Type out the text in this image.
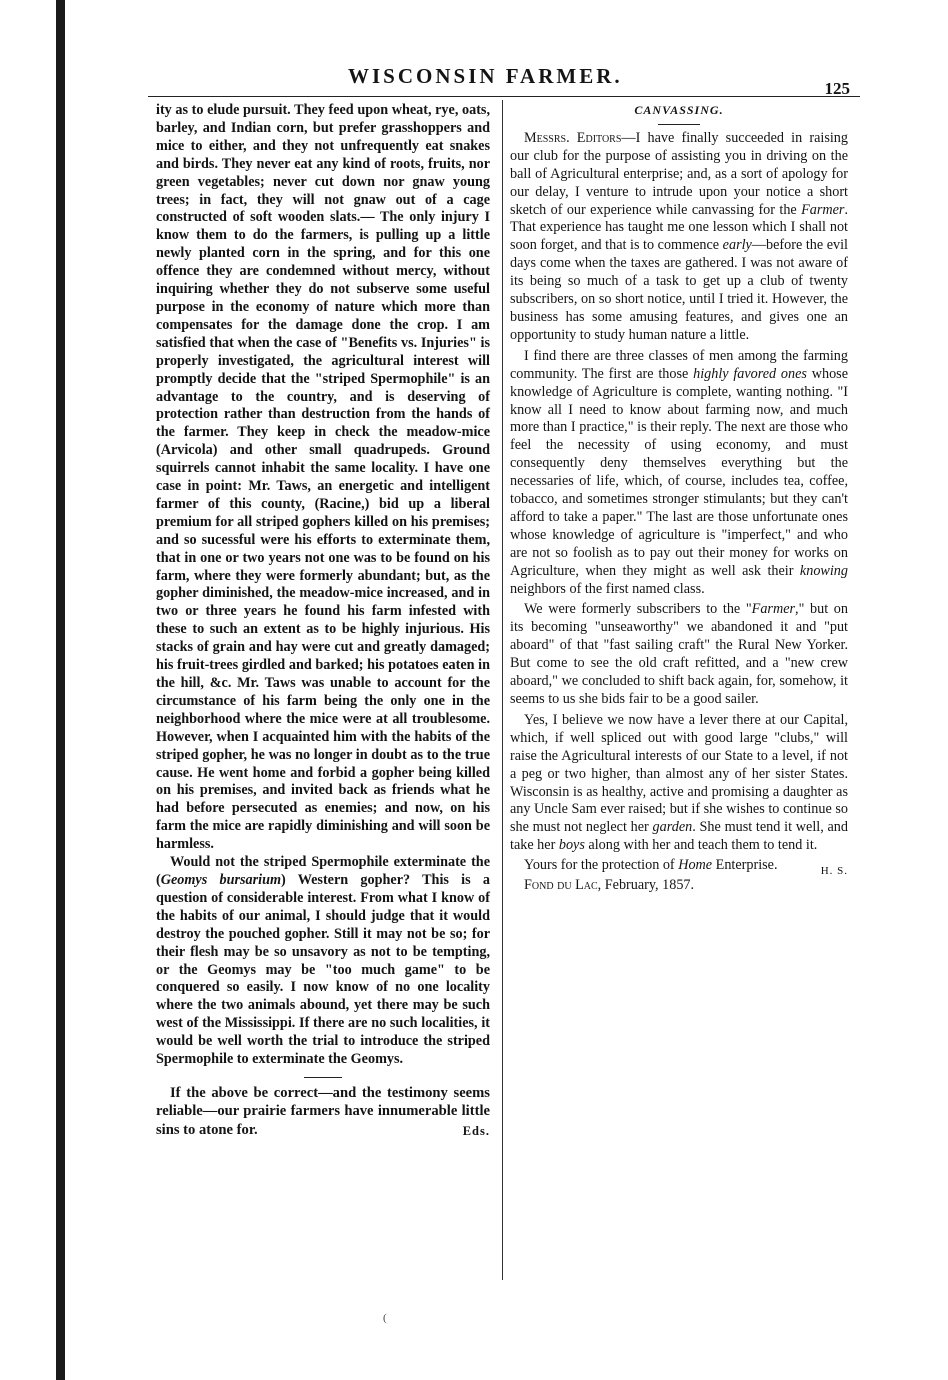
WISCONSIN FARMER.
125

ity as to elude pursuit. They feed upon wheat, rye, oats, barley, and Indian corn, but prefer grasshoppers and mice to either, and they not unfrequently eat snakes and birds. They never eat any kind of roots, fruits, nor green vegetables; never cut down nor gnaw young trees; in fact, they will not gnaw out of a cage constructed of soft wooden slats.— The only injury I know them to do the farmers, is pulling up a little newly planted corn in the spring, and for this one offence they are condemned without mercy, without inquiring whether they do not subserve some useful purpose in the economy of nature which more than compensates for the damage done the crop. I am satisfied that when the case of "Benefits vs. Injuries" is properly investigated, the agricultural interest will promptly decide that the "striped Spermophile" is an advantage to the country, and is deserving of protection rather than destruction from the hands of the farmer. They keep in check the meadow-mice (Arvicola) and other small quadrupeds. Ground squirrels cannot inhabit the same locality. I have one case in point: Mr. Taws, an energetic and intelligent farmer of this county, (Racine,) bid up a liberal premium for all striped gophers killed on his premises; and so sucessful were his efforts to exterminate them, that in one or two years not one was to be found on his farm, where they were formerly abundant; but, as the gopher diminished, the meadow-mice increased, and in two or three years he found his farm infested with these to such an extent as to be highly injurious. His stacks of grain and hay were cut and greatly damaged; his fruit-trees girdled and barked; his potatoes eaten in the hill, &c. Mr. Taws was unable to account for the circumstance of his farm being the only one in the neighborhood where the mice were at all troublesome. However, when I acquainted him with the habits of the striped gopher, he was no longer in doubt as to the true cause. He went home and forbid a gopher being killed on his premises, and invited back as friends what he had before persecuted as enemies; and now, on his farm the mice are rapidly diminishing and will soon be harmless.

Would not the striped Spermophile exterminate the (Geomys bursarium) Western gopher? This is a question of considerable interest. From what I know of the habits of our animal, I should judge that it would destroy the pouched gopher. Still it may not be so; for their flesh may be so unsavory as not to be tempting, or the Geomys may be "too much game" to be conquered so easily. I now know of no one locality where the two animals abound, yet there may be such west of the Mississippi. If there are no such localities, it would be well worth the trial to introduce the striped Spermophile to exterminate the Geomys.

If the above be correct—and the testimony seems reliable—our prairie farmers have innumerable little sins to atone for.	Eds.

CANVASSING.

Messrs. Editors—I have finally succeeded in raising our club for the purpose of assisting you in driving on the ball of Agricultural enterprise; and, as a sort of apology for our delay, I venture to intrude upon your notice a short sketch of our experience while canvassing for the Farmer. That experience has taught me one lesson which I shall not soon forget, and that is to commence early—before the evil days come when the taxes are gathered. I was not aware of its being so much of a task to get up a club of twenty subscribers, on so short notice, until I tried it. However, the business has some amusing features, and gives one an opportunity to study human nature a little.

I find there are three classes of men among the farming community. The first are those highly favored ones whose knowledge of Agriculture is complete, wanting nothing. "I know all I need to know about farming now, and much more than I practice," is their reply. The next are those who feel the necessity of using economy, and must consequently deny themselves everything but the necessaries of life, which, of course, includes tea, coffee, tobacco, and sometimes stronger stimulants; but they can't afford to take a paper." The last are those unfortunate ones whose knowledge of agriculture is "imperfect," and who are not so foolish as to pay out their money for works on Agriculture, when they might as well ask their knowing neighbors of the first named class.

We were formerly subscribers to the "Farmer," but on its becoming "unseaworthy" we abandoned it and "put aboard" of that "fast sailing craft" the Rural New Yorker. But come to see the old craft refitted, and a "new crew aboard," we concluded to shift back again, for, somehow, it seems to us she bids fair to be a good sailer.

Yes, I believe we now have a lever there at our Capital, which, if well spliced out with good large "clubs," will raise the Agricultural interests of our State to a level, if not a peg or two higher, than almost any of her sister States. Wisconsin is as healthy, active and promising a daughter as any Uncle Sam ever raised; but if she wishes to continue so she must not neglect her garden. She must tend it well, and take her boys along with her and teach them to tend it.

Yours for the protection of Home Enterprise.	H. S.

Fond du Lac, February, 1857.

(
